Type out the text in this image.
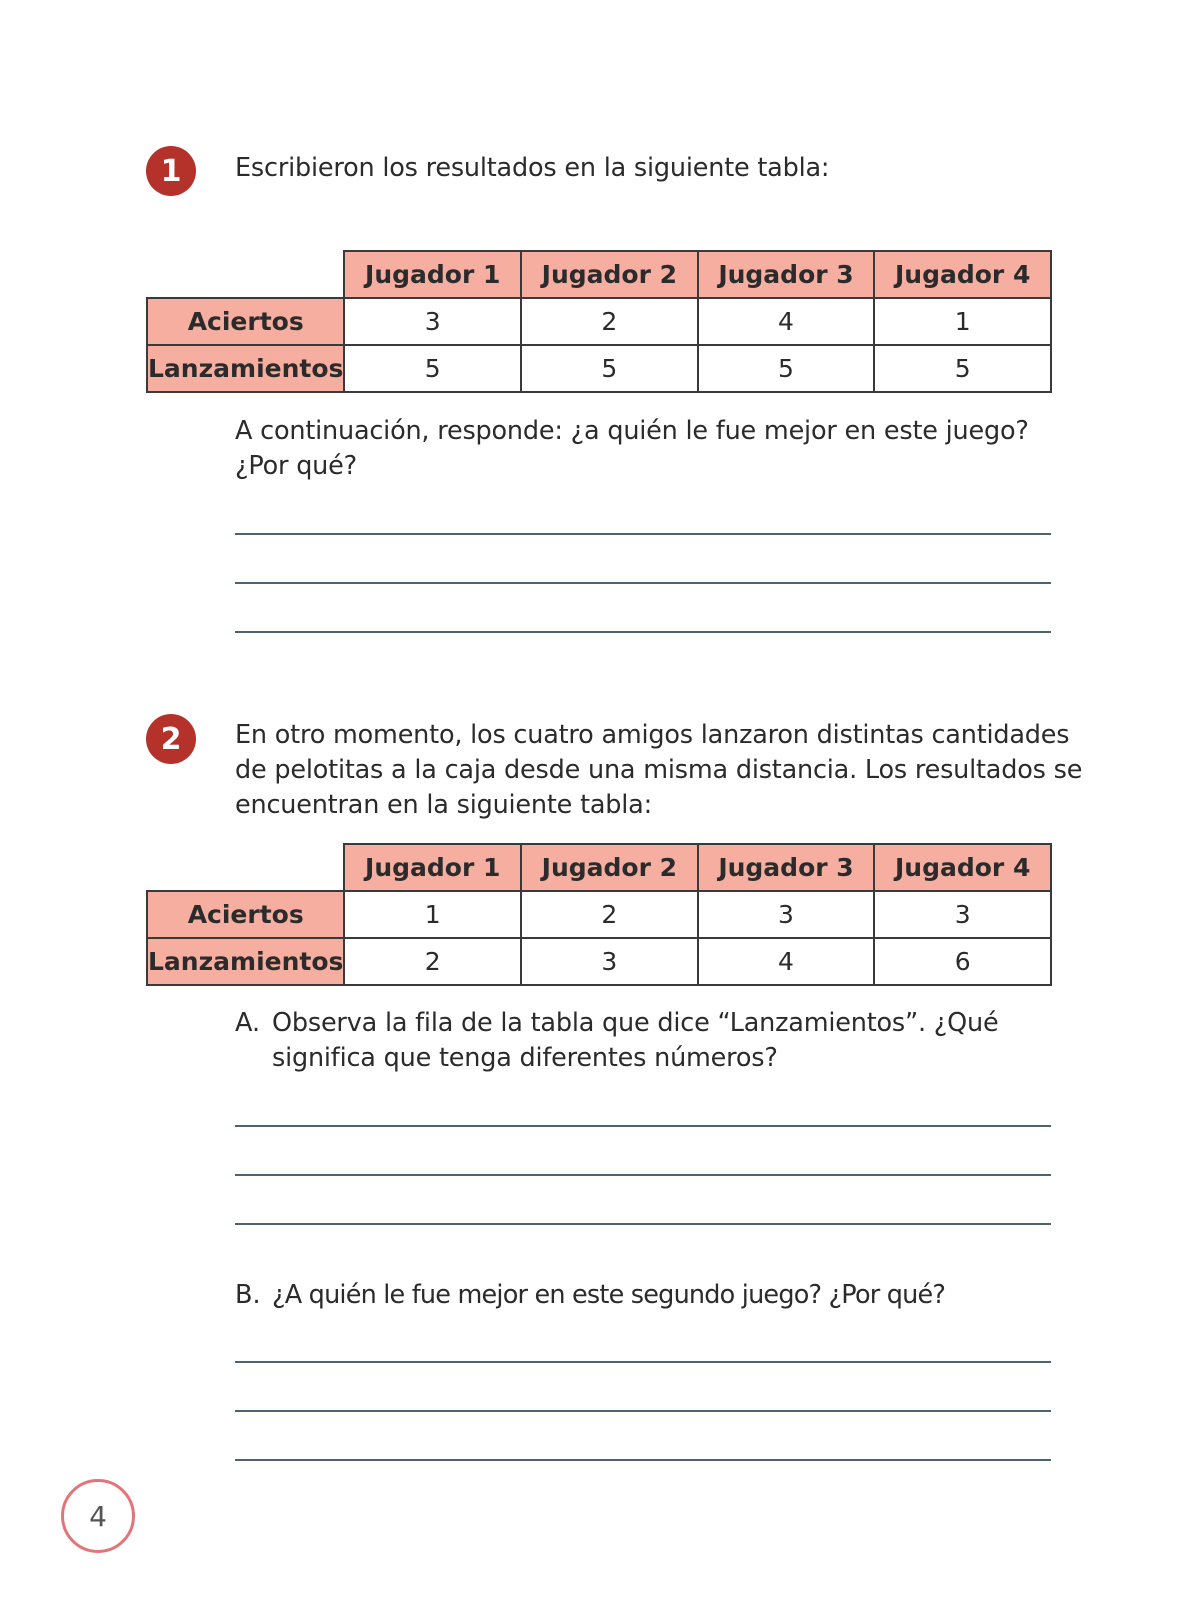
1	Escribieron los resultados en la siguiente tabla:
	Jugador 1	Jugador 2	Jugador 3	Jugador 4
Aciertos	3	2	4	1
Lanzamientos	5	5	5	5
A continuación, responde: ¿a quién le fue mejor en este juego?
¿Por qué?
2	En otro momento, los cuatro amigos lanzaron distintas cantidades
de pelotitas a la caja desde una misma distancia. Los resultados se
encuentran en la siguiente tabla:
	Jugador 1	Jugador 2	Jugador 3	Jugador 4
Aciertos	1	2	3	3
Lanzamientos	2	3	4	6
A. Observa la fila de la tabla que dice “Lanzamientos”. ¿Qué
significa que tenga diferentes números?
B. ¿A quién le fue mejor en este segundo juego? ¿Por qué?
4
